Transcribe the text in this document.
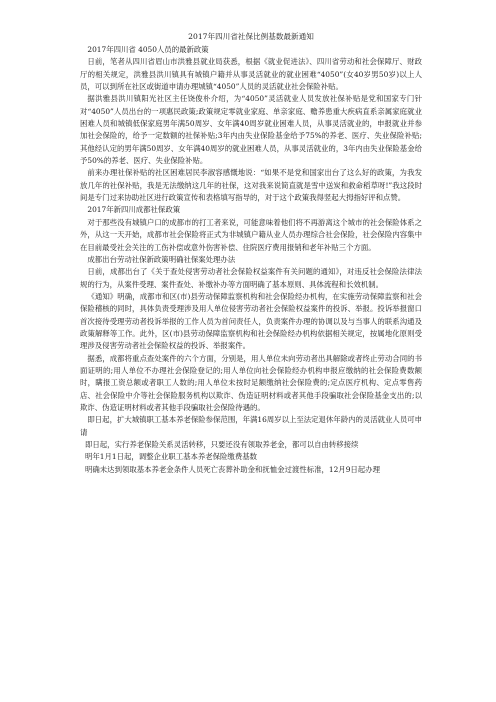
2017年四川省社保比例基数最新通知

2017年四川省 4050人员的最新政策

日前，笔者从四川省眉山市洪雅县就业局获悉，根据《就业促进法》、四川省劳动和社会保障厅、财政厅的相关规定，洪雅县洪川镇具有城镇户籍并从事灵活就业的就业困难“4050”(女40岁男50岁)以上人员，可以到所在社区或街道申请办理城镇“4050”人员的灵活就业社会保险补贴。

据洪雅县洪川镇阳光社区主任饶俊朴介绍，为“4050”灵活就业人员发放社保补贴是党和国家专门针对“4050”人员出台的一项惠民政策;政策规定零就业家庭、单亲家庭、赡养患重大疾病直系亲属家庭就业困难人员和城镇低保家庭男年满50周岁、女年满40周岁就业困难人员，从事灵活就业的，申报就业并参加社会保险的，给予一定数额的社保补贴;3年内由失业保险基金给予75%的养老、医疗、失业保险补贴;其他经认定的男年满50周岁、女年满40周岁的就业困难人员，从事灵活就业的，3年内由失业保险基金给予50%的养老、医疗、失业保险补贴。

前来办理社保补贴的社区困难居民李淑容感慨地说：“如果不是党和国家出台了这么好的政策，为我发放几年的社保补贴，我是无法缴纳这几年的社保，这对我来说简直就是雪中送炭和救命稻草呀!”我这段时间是专门过来协助社区进行政策宣传和表格填写指导的，对于这个政策我得竖起大拇指好评和点赞。

2017年新四川成都社保政策

对于那些没有城镇户口的成都市的打工者来说，可能意味着他们将不再游离这个城市的社会保险体系之外，从这一天开始，成都市社会保险将正式为非城镇户籍从业人员办理综合社会保险，社会保险内容集中在目前最受社会关注的工伤补偿或意外伤害补偿、住院医疗费用报销和老年补贴三个方面。

成都出台劳动社保新政策明确社保案处理办法

日前，成都出台了《关于查处侵害劳动者社会保险权益案件有关问题的通知》，对违反社会保险法律法规的行为，从案件受理、案件查处、补缴补办等方面明确了基本原则、具体流程和长效机制。

《通知》明确，成都市和区(市)县劳动保障监察机构和社会保险经办机构，在实施劳动保障监察和社会保险稽核的同时，具体负责受理涉及用人单位侵害劳动者社会保险权益案件的投诉、举报。投诉举报窗口首次接待受理劳动者投诉举报的工作人员为首问责任人，负责案件办理的协调以及与当事人的联系沟通及政策解释等工作。此外，区(市)县劳动保障监察机构和社会保险经办机构依据相关规定，按属地化原则受理涉及侵害劳动者社会保险权益的投诉、举报案件。

据悉，成都将重点查处案件的六个方面，分别是，用人单位未向劳动者出具解除或者终止劳动合同的书面证明的;用人单位不办理社会保险登记的;用人单位向社会保险经办机构申报应缴纳的社会保险费数额时，瞒报工资总额或者职工人数的;用人单位未按时足额缴纳社会保险费的;定点医疗机构、定点零售药店、社会保险中介等社会保险服务机构以欺诈、伪造证明材料或者其他手段骗取社会保险基金支出的;以欺诈、伪造证明材料或者其他手段骗取社会保险待遇的。

即日起，扩大城镇职工基本养老保险参保范围，年满16周岁以上至法定退休年龄内的灵活就业人员可申请

即日起，实行养老保险关系灵活转移，只要还没有领取养老金，都可以自由转移接续

明年1月1日起，调整企业职工基本养老保险缴费基数

明确未达到领取基本养老金条件人员死亡丧葬补助金和抚恤金过渡性标准，12月9日起办理
